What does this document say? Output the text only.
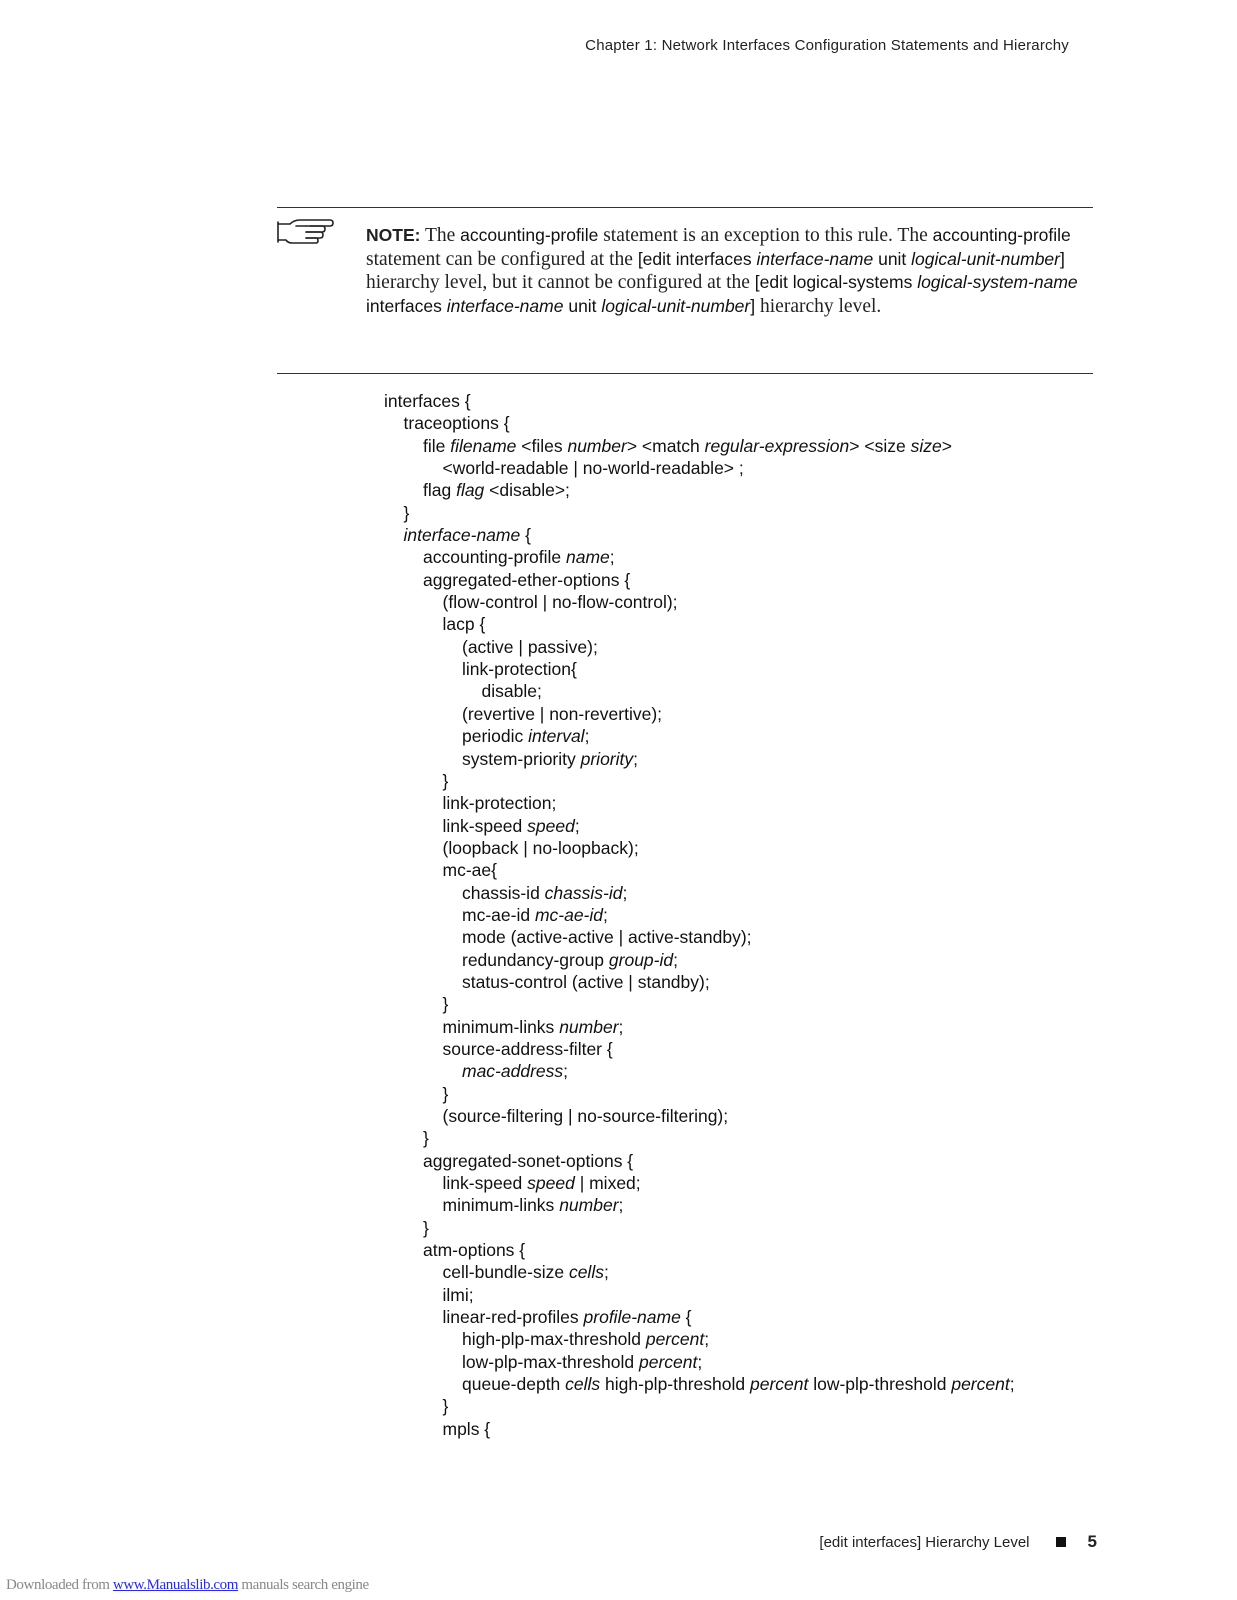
Chapter 1: Network Interfaces Configuration Statements and Hierarchy
NOTE: The accounting-profile statement is an exception to this rule. The accounting-profile statement can be configured at the [edit interfaces interface-name unit logical-unit-number] hierarchy level, but it cannot be configured at the [edit logical-systems logical-system-name interfaces interface-name unit logical-unit-number] hierarchy level.
interfaces {
traceoptions {
file filename <files number> <match regular-expression> <size size>
<world-readable | no-world-readable> ;
flag flag <disable>;
}
interface-name {
accounting-profile name;
aggregated-ether-options {
(flow-control | no-flow-control);
lacp {
(active | passive);
link-protection{
disable;
(revertive | non-revertive);
periodic interval;
system-priority priority;
}
link-protection;
link-speed speed;
(loopback | no-loopback);
mc-ae{
chassis-id chassis-id;
mc-ae-id mc-ae-id;
mode (active-active | active-standby);
redundancy-group group-id;
status-control (active | standby);
}
minimum-links number;
source-address-filter {
mac-address;
}
(source-filtering | no-source-filtering);
}
aggregated-sonet-options {
link-speed speed | mixed;
minimum-links number;
}
atm-options {
cell-bundle-size cells;
ilmi;
linear-red-profiles profile-name {
high-plp-max-threshold percent;
low-plp-max-threshold percent;
queue-depth cells high-plp-threshold percent low-plp-threshold percent;
}
mpls {
[edit interfaces] Hierarchy Level	5
Downloaded from www.Manualslib.com manuals search engine
